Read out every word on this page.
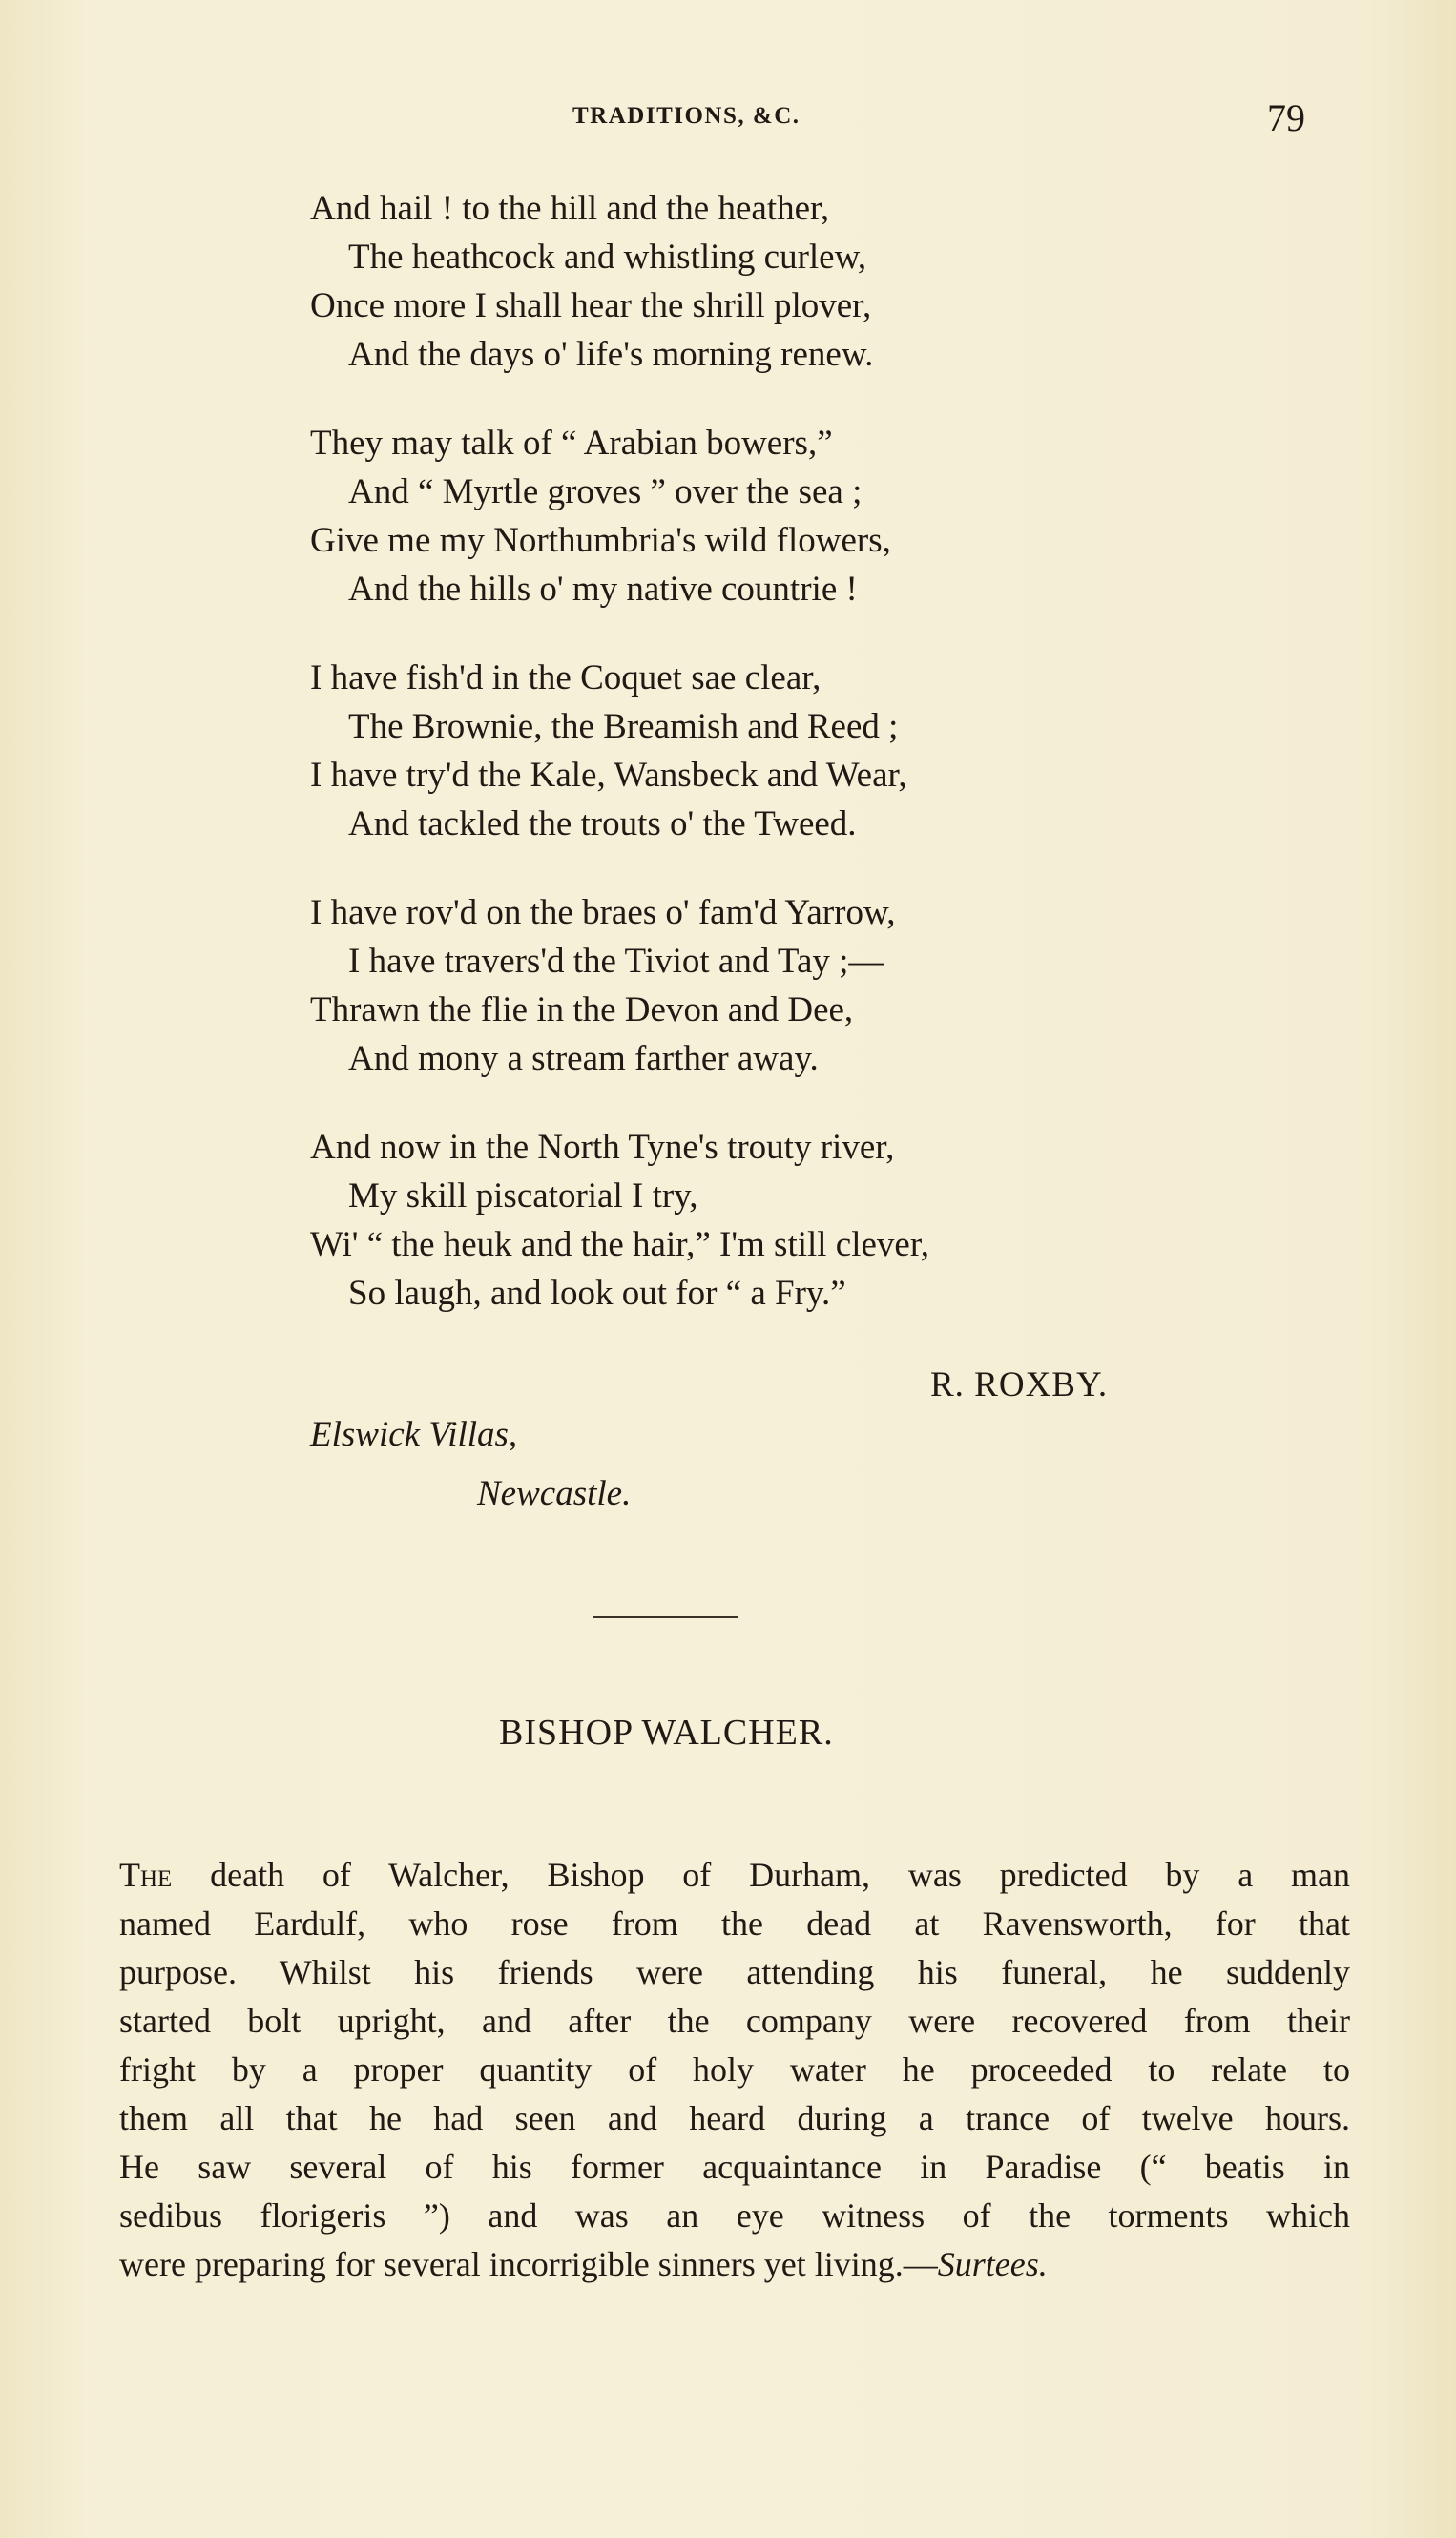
TRADITIONS, &C.	79
And hail ! to the hill and the heather,
The heathcock and whistling curlew,
Once more I shall hear the shrill plover,
And the days o' life's morning renew.
They may talk of “ Arabian bowers,”
And “ Myrtle groves ” over the sea ;
Give me my Northumbria's wild flowers,
And the hills o' my native countrie !
I have fish'd in the Coquet sae clear,
The Brownie, the Breamish and Reed ;
I have try'd the Kale, Wansbeck and Wear,
And tackled the trouts o' the Tweed.
I have rov'd on the braes o' fam'd Yarrow,
I have travers'd the Tiviot and Tay ;—
Thrawn the flie in the Devon and Dee,
And mony a stream farther away.
And now in the North Tyne's trouty river,
My skill piscatorial I try,
Wi' “ the heuk and the hair,” I'm still clever,
So laugh, and look out for “ a Fry.”
R. ROXBY.
Elswick Villas,
Newcastle.
BISHOP WALCHER.
The death of Walcher, Bishop of Durham, was predicted by a man
named Eardulf, who rose from the dead at Ravensworth, for that
purpose. Whilst his friends were attending his funeral, he suddenly
started bolt upright, and after the company were recovered from their
fright by a proper quantity of holy water he proceeded to relate to
them all that he had seen and heard during a trance of twelve hours.
He saw several of his former acquaintance in Paradise (“ beatis in
sedibus florigeris ”) and was an eye witness of the torments which
were preparing for several incorrigible sinners yet living.—Surtees.
